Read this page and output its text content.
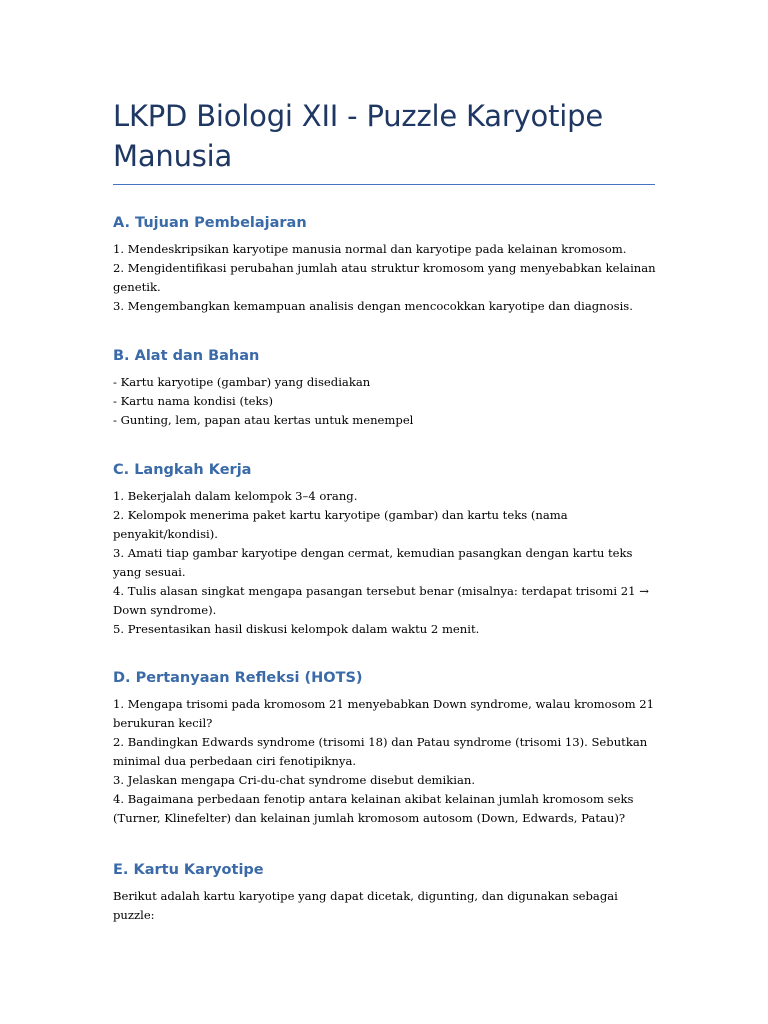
LKPD Biologi XII - Puzzle Karyotipe Manusia
A. Tujuan Pembelajaran

1. Mendeskripsikan karyotipe manusia normal dan karyotipe pada kelainan kromosom.

2. Mengidentifikasi perubahan jumlah atau struktur kromosom yang menyebabkan kelainan genetik.

3. Mengembangkan kemampuan analisis dengan mencocokkan karyotipe dan diagnosis.

B. Alat dan Bahan

- Kartu karyotipe (gambar) yang disediakan

- Kartu nama kondisi (teks)

- Gunting, lem, papan atau kertas untuk menempel

C. Langkah Kerja

1. Bekerjalah dalam kelompok 3–4 orang.

2. Kelompok menerima paket kartu karyotipe (gambar) dan kartu teks (nama penyakit/kondisi).

3. Amati tiap gambar karyotipe dengan cermat, kemudian pasangkan dengan kartu teks yang sesuai.

4. Tulis alasan singkat mengapa pasangan tersebut benar (misalnya: terdapat trisomi 21 → Down syndrome).

5. Presentasikan hasil diskusi kelompok dalam waktu 2 menit.

D. Pertanyaan Refleksi (HOTS)

1. Mengapa trisomi pada kromosom 21 menyebabkan Down syndrome, walau kromosom 21 berukuran kecil?

2. Bandingkan Edwards syndrome (trisomi 18) dan Patau syndrome (trisomi 13). Sebutkan minimal dua perbedaan ciri fenotipiknya.

3. Jelaskan mengapa Cri-du-chat syndrome disebut demikian.

4. Bagaimana perbedaan fenotip antara kelainan akibat kelainan jumlah kromosom seks (Turner, Klinefelter) dan kelainan jumlah kromosom autosom (Down, Edwards, Patau)?

E. Kartu Karyotipe

Berikut adalah kartu karyotipe yang dapat dicetak, digunting, dan digunakan sebagai puzzle:
